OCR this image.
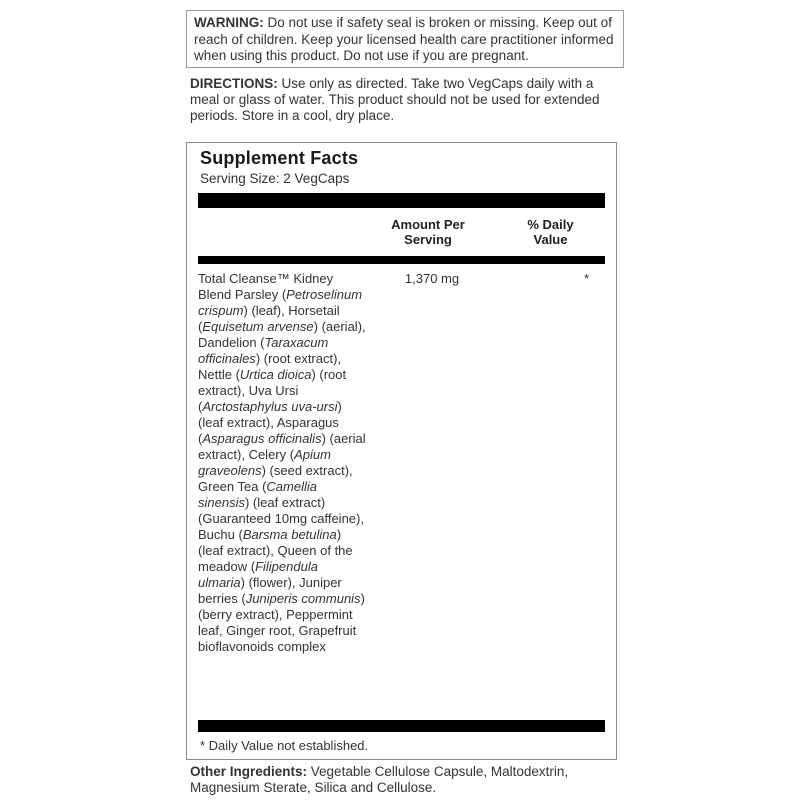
WARNING: Do not use if safety seal is broken or missing. Keep out of reach of children. Keep your licensed health care practitioner informed when using this product. Do not use if you are pregnant.
DIRECTIONS: Use only as directed. Take two VegCaps daily with a meal or glass of water. This product should not be used for extended periods. Store in a cool, dry place.
Supplement Facts
Serving Size: 2 VegCaps
Amount Per
Serving
% Daily
Value
Total Cleanse™ Kidney Blend Parsley (Petroselinum crispum) (leaf), Horsetail (Equisetum arvense) (aerial), Dandelion (Taraxacum officinales) (root extract), Nettle (Urtica dioica) (root extract), Uva Ursi (Arctostaphylus uva-ursi) (leaf extract), Asparagus (Asparagus officinalis) (aerial extract), Celery (Apium graveolens) (seed extract), Green Tea (Camellia sinensis) (leaf extract) (Guaranteed 10mg caffeine), Buchu (Barsma betulina) (leaf extract), Queen of the meadow (Filipendula ulmaria) (flower), Juniper berries (Juniperis communis) (berry extract), Peppermint leaf, Ginger root, Grapefruit bioflavonoids complex
1,370 mg	*
* Daily Value not established.
Other Ingredients: Vegetable Cellulose Capsule, Maltodextrin, Magnesium Sterate, Silica and Cellulose.
